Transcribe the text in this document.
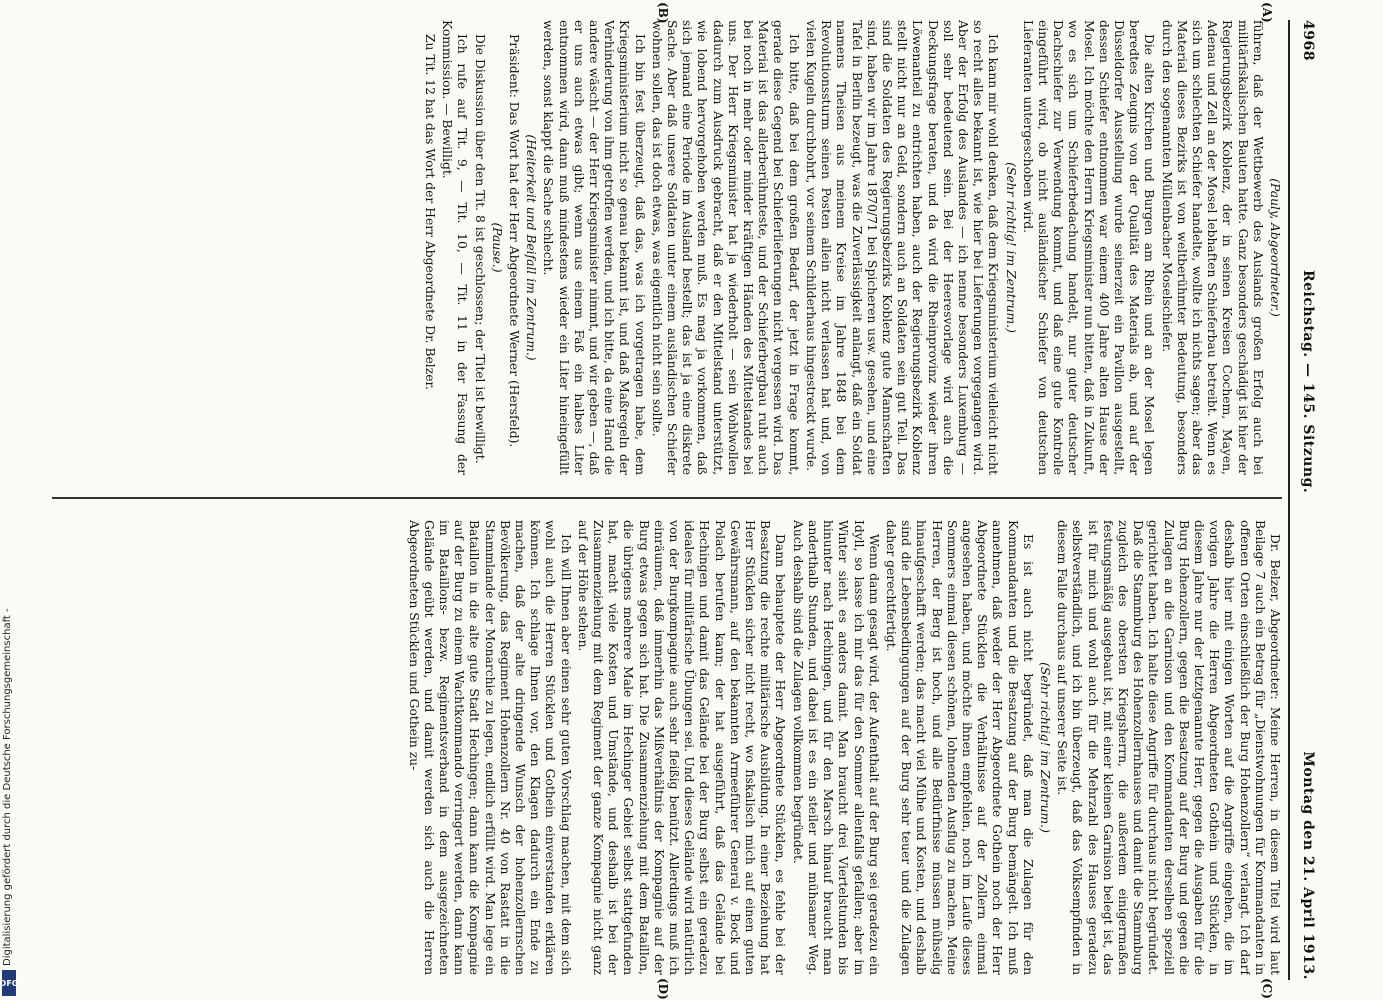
4968
Reichstag. — 145. Sitzung.
Montag den 21. April 1913.
(A)
(B)
(C)
(D)

(Pauly, Abgeordneter.)

führen, daß der Wettbewerb des Auslands großen Erfolg auch bei militärfiskalischen Bauten hatte. Ganz besonders geschädigt ist hier der Regierungsbezirk Koblenz, der in seinen Kreisen Cochem, Mayen, Adenau und Zell an der Mosel lebhaften Schieferbau betreibt. Wenn es sich um schlechten Schiefer handelte, wollte ich nichts sagen; aber das Material dieses Bezirks ist von weltberühmter Bedeutung, besonders durch den sogenannten Müllenbacher Moselschiefer.

Die alten Kirchen und Burgen am Rhein und an der Mosel legen beredtes Zeugnis von der Qualität des Materials ab, und auf der Düsseldorfer Ausstellung wurde seinerzeit ein Pavillon ausgestellt, dessen Schiefer entnommen war einem 400 Jahre alten Hause der Mosel. Ich möchte den Herrn Kriegsminister nun bitten, daß in Zukunft, wo es sich um Schieferbedachung handelt, nur guter deutscher Dachschiefer zur Verwendung kommt, und daß eine gute Kontrolle eingeführt wird, ob nicht ausländischer Schiefer von deutschen Lieferanten untergeschoben wird.

(Sehr richtig! im Zentrum.)

Ich kann mir wohl denken, daß dem Kriegsministerium vielleicht nicht so recht alles bekannt ist, wie hier bei Lieferungen vorgegangen wird. Aber der Erfolg des Auslandes — ich nenne besonders Luxemburg — soll sehr bedeutend sein. Bei der Heeresvorlage wird auch die Deckungsfrage beraten, und da wird die Rheinprovinz wieder ihren Löwenanteil zu entrichten haben, auch der Regierungsbezirk Koblenz stellt nicht nur an Geld, sondern auch an Soldaten sein gut Teil. Das sind die Soldaten des Regierungsbezirks Koblenz gute Mannschaften sind, haben wir im Jahre 1870/71 bei Spicheren usw. gesehen, und eine Tafel in Berlin bezeugt, was die Zuverlässigkeit anlangt, daß ein Soldat namens Theisen aus meinem Kreise im Jahre 1848 bei dem Revolutionssturm seinen Posten allein nicht verlassen hat und, von vielen Kugeln durchbohrt, vor seinem Schilderhaus hingestreckt wurde.

Ich bitte, daß bei dem großen Bedarf, der jetzt in Frage kommt, gerade diese Gegend bei Schieferlieferungen nicht vergessen wird. Das Material ist das allerberühmteste, und der Schieferbergbau ruht auch bei noch in mehr oder minder kräftigen Händen des Mittelstandes bei uns. Der Herr Kriegsminister hat ja wiederholt — sein Wohlwollen dadurch zum Ausdruck gebracht, daß er den Mittelstand unterstützt, wie lobend hervorgehoben werden muß. Es mag ja vorkommen, daß sich jemand eine Periode im Ausland bestellt; das ist ja eine diskrete Sache. Aber daß unsere Soldaten unter einem ausländischen Schiefer wohnen sollen, das ist doch etwas, was eigentlich nicht sein sollte.

Ich bin fest überzeugt, daß das, was ich vorgetragen habe, dem Kriegsministerium nicht so genau bekannt ist, und daß Maßregeln der Verhinderung von ihm getroffen werden, und ich bitte, da eine Hand die andere wäscht — der Herr Kriegsminister nimmt, und wir geben —, daß er uns auch etwas gibt; wenn aus einem Faß ein halbes Liter entnommen wird, dann muß mindestens wieder ein Liter hineingefüllt werden, sonst klappt die Sache schlecht.

(Heiterkeit und Beifall im Zentrum.)

Präsident: Das Wort hat der Herr Abgeordnete Werner (Hersfeld).

(Pause.)

Die Diskussion über den Tit. 8 ist geschlossen; der Titel ist bewilligt.

Ich rufe auf Tit. 9, — Tit. 10, — Tit. 11 in der Fassung der Kommission. — Bewilligt.

Zu Tit. 12 hat das Wort der Herr Abgeordnete Dr. Belzer.

Dr. Belzer, Abgeordneter: Meine Herren, in diesem Titel wird laut Beilage 7 auch ein Betrag für „Dienstwohnungen für Kommandanten in offenen Orten einschließlich der Burg Hohenzollern“ verlangt. Ich darf deshalb hier mit einigen Worten auf die Angriffe eingehen, die im vorigen Jahre die Herren Abgeordneten Gothein und Stücklen, in diesem Jahre nur der letztgenannte Herr, gegen die Ausgaben für die Burg Hohenzollern, gegen die Besatzung auf der Burg und gegen die Zulagen an die Garnison und den Kommandanten derselben speziell gerichtet haben. Ich halte diese Angriffe für durchaus nicht begründet. Daß die Stammburg des Hohenzollernhauses und damit die Stammburg zugleich des obersten Kriegsherrn, die außerdem einigermaßen festungsmäßig ausgebaut ist, mit einer kleinen Garnison belegt ist, das ist für mich und wohl auch für die Mehrzahl des Hauses geradezu selbstverständlich, und ich bin überzeugt, daß das Volksempfinden in diesem Falle durchaus auf unserer Seite ist.

(Sehr richtig! im Zentrum.)

Es ist auch nicht begründet, daß man die Zulagen für den Kommandanten und die Besatzung auf der Burg bemängelt. Ich muß annehmen, daß weder der Herr Abgeordnete Gothein noch der Herr Abgeordnete Stücklen die Verhältnisse auf der Zollern einmal angesehen haben, und möchte ihnen empfehlen, noch im Laufe dieses Sommers einmal diesen schönen, lohnenden Ausflug zu machen. Meine Herren, der Berg ist hoch, und alle Bedürfnisse müssen mühselig hinaufgeschafft werden; das macht viel Mühe und Kosten, und deshalb sind die Lebensbedingungen auf der Burg sehr teuer und die Zulagen daher gerechtfertigt.

Wenn dann gesagt wird, der Aufenthalt auf der Burg sei geradezu ein Idyll, so lasse ich mir das für den Sommer allenfalls gefallen; aber im Winter sieht es anders damit. Man braucht drei Viertelstunden bis hinunter nach Hechingen, und für den Marsch hinauf braucht man anderthalb Stunden, und dabei ist es ein steiler und mühsamer Weg. Auch deshalb sind die Zulagen vollkommen begründet.

Dann behauptete der Herr Abgeordnete Stücklen, es fehle bei der Besatzung die rechte militärische Ausbildung. In einer Beziehung hat Herr Stücklen sicher nicht recht, wo fiskalisch mich auf einen guten Gewährsmann, auf den bekannten Armeeführer General v. Bock und Polach berufen kann; der hat ausgeführt, daß das Gelände bei Hechingen und damit das Gelände bei der Burg selbst ein geradezu ideales für militärische Übungen sei. Und dieses Gelände wird natürlich von der Burgkompagnie auch sehr fleißig benützt. Allerdings muß ich einräumen, daß immerhin das Mißverhältnis der Kompagnie auf der Burg etwas gegen sich hat. Die Zusammenziehung mit dem Bataillon, die übrigens mehrere Male im Hechinger Gebiet selbst stattgefunden hat, macht viele Kosten und Umstände, und deshalb ist bei der Zusammenziehung mit dem Regiment der ganze Kompagnie nicht ganz auf der Höhe stehen.

Ich will Ihnen aber einen sehr guten Vorschlag machen, mit dem sich wohl auch die Herren Stücklen und Gothein einverstanden erklären können. Ich schlage Ihnen vor, den Klagen dadurch ein Ende zu machen, daß der alte dringende Wunsch der hohenzollernschen Bevölkerung, das Regiment Hohenzollern Nr. 40 von Rastatt in die Stammlande der Monarchie zu legen, endlich erfüllt wird. Man lege ein Bataillon in die alte gute Stadt Hechingen; dann kann die Kompagnie auf der Burg zu einem Wachtkommando verringert werden, dann kann im Bataillons- bezw. Regimentsverband in dem ausgezeichneten Gelände geübt werden, und damit werden sich auch die Herren Abgeordneten Stücklen und Gothein zu-

Digitalisierung gefördert durch die Deutsche Forschungsgemeinschaft -
DFG
